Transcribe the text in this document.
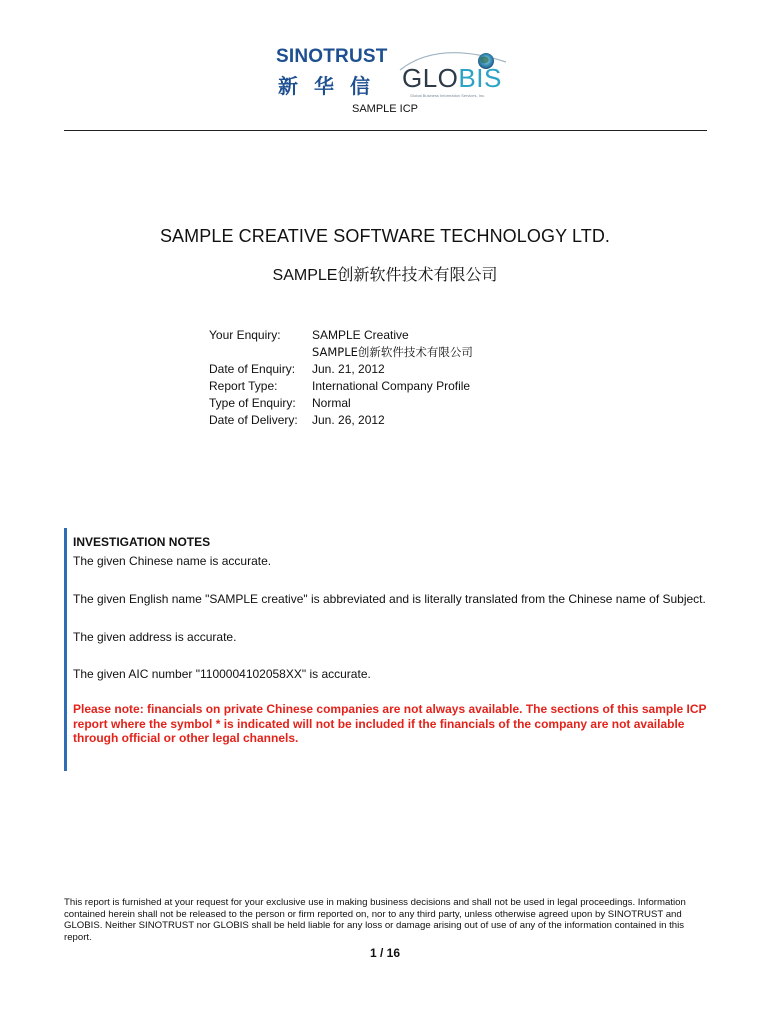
SINOTRUST
新华信 GLOBIS
Global Business Information Services, Inc.
SAMPLE ICP
SAMPLE CREATIVE SOFTWARE TECHNOLOGY LTD.
SAMPLE创新软件技术有限公司
Your Enquiry:	SAMPLE Creative
SAMPLE创新软件技术有限公司
Date of Enquiry:	Jun. 21, 2012
Report Type:	International Company Profile
Type of Enquiry:	Normal
Date of Delivery:	Jun. 26, 2012
INVESTIGATION NOTES

The given Chinese name is accurate.

The given English name "SAMPLE creative" is abbreviated and is literally translated from the Chinese name of Subject.

The given address is accurate.

The given AIC number "1100004102058XX" is accurate.

Please note: financials on private Chinese companies are not always available. The sections of this sample ICP report where the symbol * is indicated will not be included if the financials of the company are not available through official or other legal channels.

This report is furnished at your request for your exclusive use in making business decisions and shall not be used in legal proceedings. Information contained herein shall not be released to the person or firm reported on, nor to any third party, unless otherwise agreed upon by SINOTRUST and GLOBIS. Neither SINOTRUST nor GLOBIS shall be held liable for any loss or damage arising out of use of any of the information contained in this report.
1 / 16
